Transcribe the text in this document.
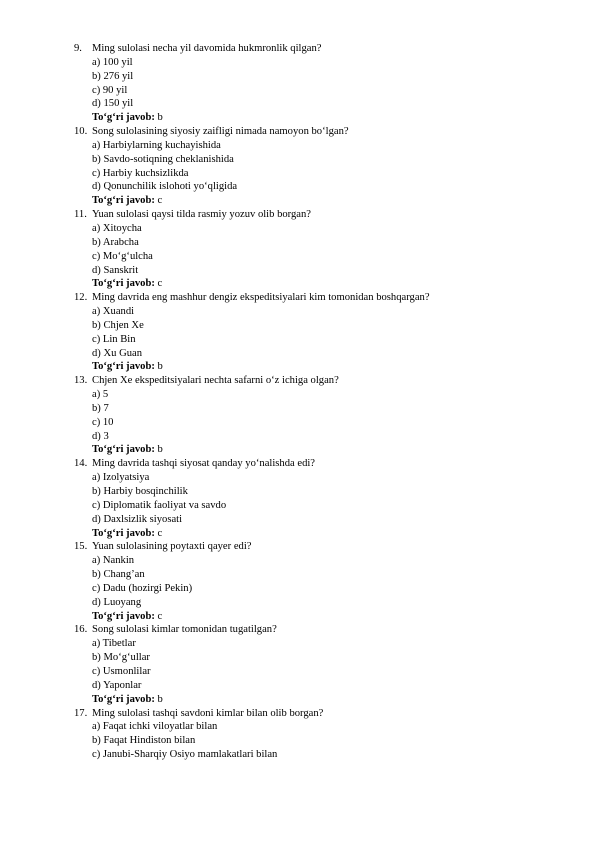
9. Ming sulolasi necha yil davomida hukmronlik qilgan?
a) 100 yil
b) 276 yil
c) 90 yil
d) 150 yil
To‘g‘ri javob: b
10. Song sulolasining siyosiy zaifligi nimada namoyon bo‘lgan?
a) Harbiylarning kuchayishida
b) Savdo-sotiqning cheklanishida
c) Harbiy kuchsizlikda
d) Qonunchilik islohoti yo‘qligida
To‘g‘ri javob: c
11. Yuan sulolasi qaysi tilda rasmiy yozuv olib borgan?
a) Xitoycha
b) Arabcha
c) Mo‘g‘ulcha
d) Sanskrit
To‘g‘ri javob: c
12. Ming davrida eng mashhur dengiz ekspeditsiyalari kim tomonidan boshqargan?
a) Xuandi
b) Chjen Xe
c) Lin Bin
d) Xu Guan
To‘g‘ri javob: b
13. Chjen Xe ekspeditsiyalari nechta safarni o‘z ichiga olgan?
a) 5
b) 7
c) 10
d) 3
To‘g‘ri javob: b
14. Ming davrida tashqi siyosat qanday yo‘nalishda edi?
a) Izolyatsiya
b) Harbiy bosqinchilik
c) Diplomatik faoliyat va savdo
d) Daxlsizlik siyosati
To‘g‘ri javob: c
15. Yuan sulolasining poytaxti qayer edi?
a) Nankin
b) Chang’an
c) Dadu (hozirgi Pekin)
d) Luoyang
To‘g‘ri javob: c
16. Song sulolasi kimlar tomonidan tugatilgan?
a) Tibetlar
b) Mo‘g‘ullar
c) Usmonlilar
d) Yaponlar
To‘g‘ri javob: b
17. Ming sulolasi tashqi savdoni kimlar bilan olib borgan?
a) Faqat ichki viloyatlar bilan
b) Faqat Hindiston bilan
c) Janubi-Sharqiy Osiyo mamlakatlari bilan
